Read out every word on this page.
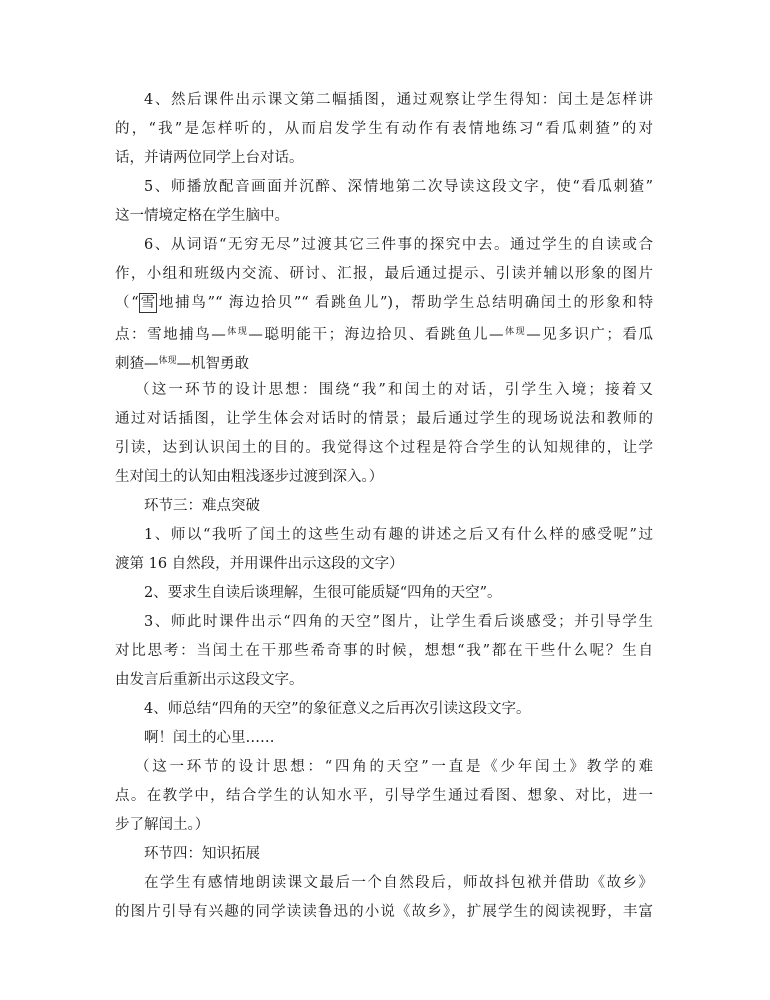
4、然后课件出示课文第二幅插图，通过观察让学生得知：闰土是怎样讲
的，“我”是怎样听的，从而启发学生有动作有表情地练习“看瓜刺猹”的对
话，并请两位同学上台对话。
5、师播放配音画面并沉醉、深情地第二次导读这段文字，使“看瓜刺猹”
这一情境定格在学生脑中。
6、从词语“无穷无尽”过渡其它三件事的探究中去。通过学生的自读或合
作，小组和班级内交流、研讨、汇报，最后通过提示、引读并辅以形象的图片
（“ 雪 地捕鸟”“ 海边拾贝”“ 看跳鱼儿”)，帮助学生总结明确闰土的形象和特
点：雪地捕鸟—$^{体现}$—聪明能干；海边拾贝、看跳鱼儿—$^{体现}$—见多识广；看瓜
刺猹—$^{体现}$—机智勇敢
（这一环节的设计思想：围绕“我”和闰土的对话，引学生入境；接着又
通过对话插图，让学生体会对话时的情景；最后通过学生的现场说法和教师的
引读，达到认识闰土的目的。我觉得这个过程是符合学生的认知规律的，让学
生对闰土的认知由粗浅逐步过渡到深入。）
环节三：难点突破
1、师以“我听了闰土的这些生动有趣的讲述之后又有什么样的感受呢”过
渡第 16 自然段，并用课件出示这段的文字）
2、要求生自读后谈理解，生很可能质疑“四角的天空”。
3、师此时课件出示“四角的天空”图片，让学生看后谈感受；并引导学生
对比思考：当闰土在干那些希奇事的时候，想想“我”都在干些什么呢？生自
由发言后重新出示这段文字。
4、师总结“四角的天空”的象征意义之后再次引读这段文字。
啊！闰土的心里……
（这一环节的设计思想：“四角的天空”一直是《少年闰土》教学的难
点。在教学中，结合学生的认知水平，引导学生通过看图、想象、对比，进一
步了解闰土。）
环节四：知识拓展
在学生有感情地朗读课文最后一个自然段后，师故抖包袱并借助《故乡》
的图片引导有兴趣的同学读读鲁迅的小说《故乡》，扩展学生的阅读视野，丰富
